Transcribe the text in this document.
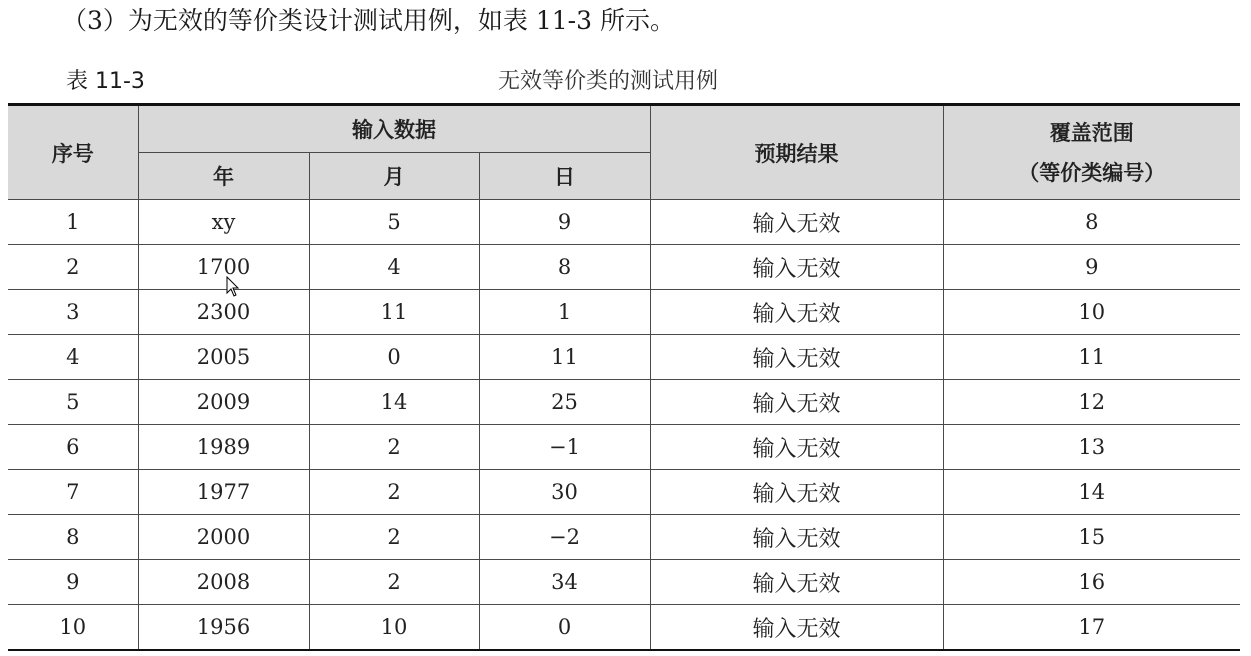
（3）为无效的等价类设计测试用例，如表 11-3 所示。
表 11-3	无效等价类的测试用例
序号	输入数据			预期结果	覆盖范围
（等价类编号）

	年	月	日		
1	xy	5	9	输入无效	8
2	1700	4	8	输入无效	9
3	2300	11	1	输入无效	10
4	2005	0	11	输入无效	11
5	2009	14	25	输入无效	12
6	1989	2	−1	输入无效	13
7	1977	2	30	输入无效	14
8	2000	2	−2	输入无效	15
9	2008	2	34	输入无效	16
10	1956	10	0	输入无效	17
